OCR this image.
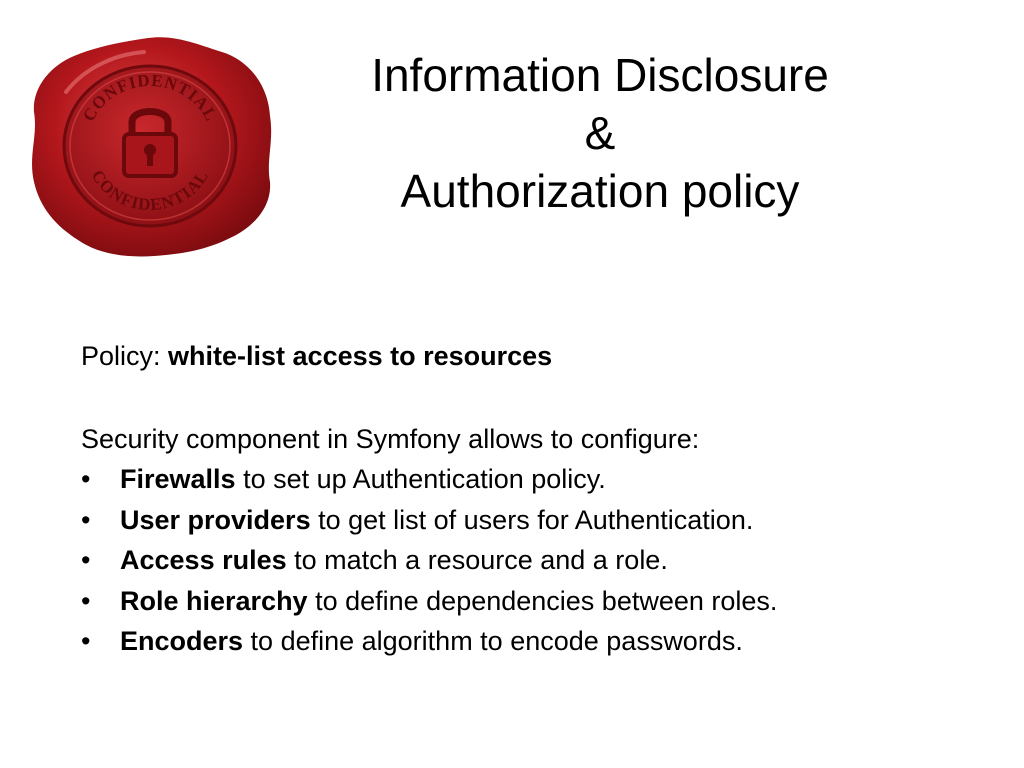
CONFIDENTIAL
CONFIDENTIAL
Information Disclosure
&
Authorization policy

Policy: white-list access to resources

Security component in Symfony allows to configure:

• Firewalls to set up Authentication policy.
• User providers to get list of users for Authentication.
• Access rules to match a resource and a role.
• Role hierarchy to define dependencies between roles.
• Encoders to define algorithm to encode passwords.
